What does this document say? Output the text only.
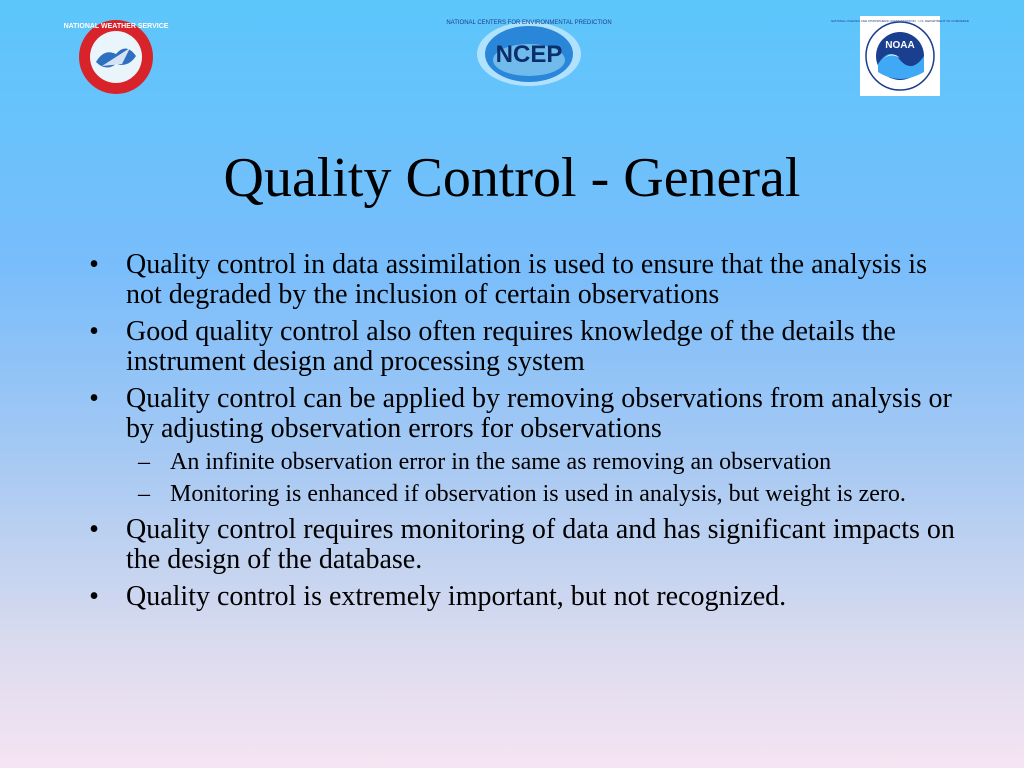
NATIONAL WEATHER SERVICE	NATIONAL CENTERS FOR ENVIRONMENTAL PREDICTION
NCEP	NOAA
NATIONAL OCEANIC AND ATMOSPHERIC ADMINISTRATION · U.S. DEPARTMENT OF COMMERCE
Quality Control - General
• Quality control in data assimilation is used to ensure that the analysis is not degraded by the inclusion of certain observations
• Good quality control also often requires knowledge of the details the instrument design and processing system
• Quality control can be applied by removing observations from analysis or by adjusting observation errors for observations
– An infinite observation error in the same as removing an observation
– Monitoring is enhanced if observation is used in analysis, but weight is zero.
• Quality control requires monitoring of data and has significant impacts on the design of the database.
• Quality control is extremely important, but not recognized.
